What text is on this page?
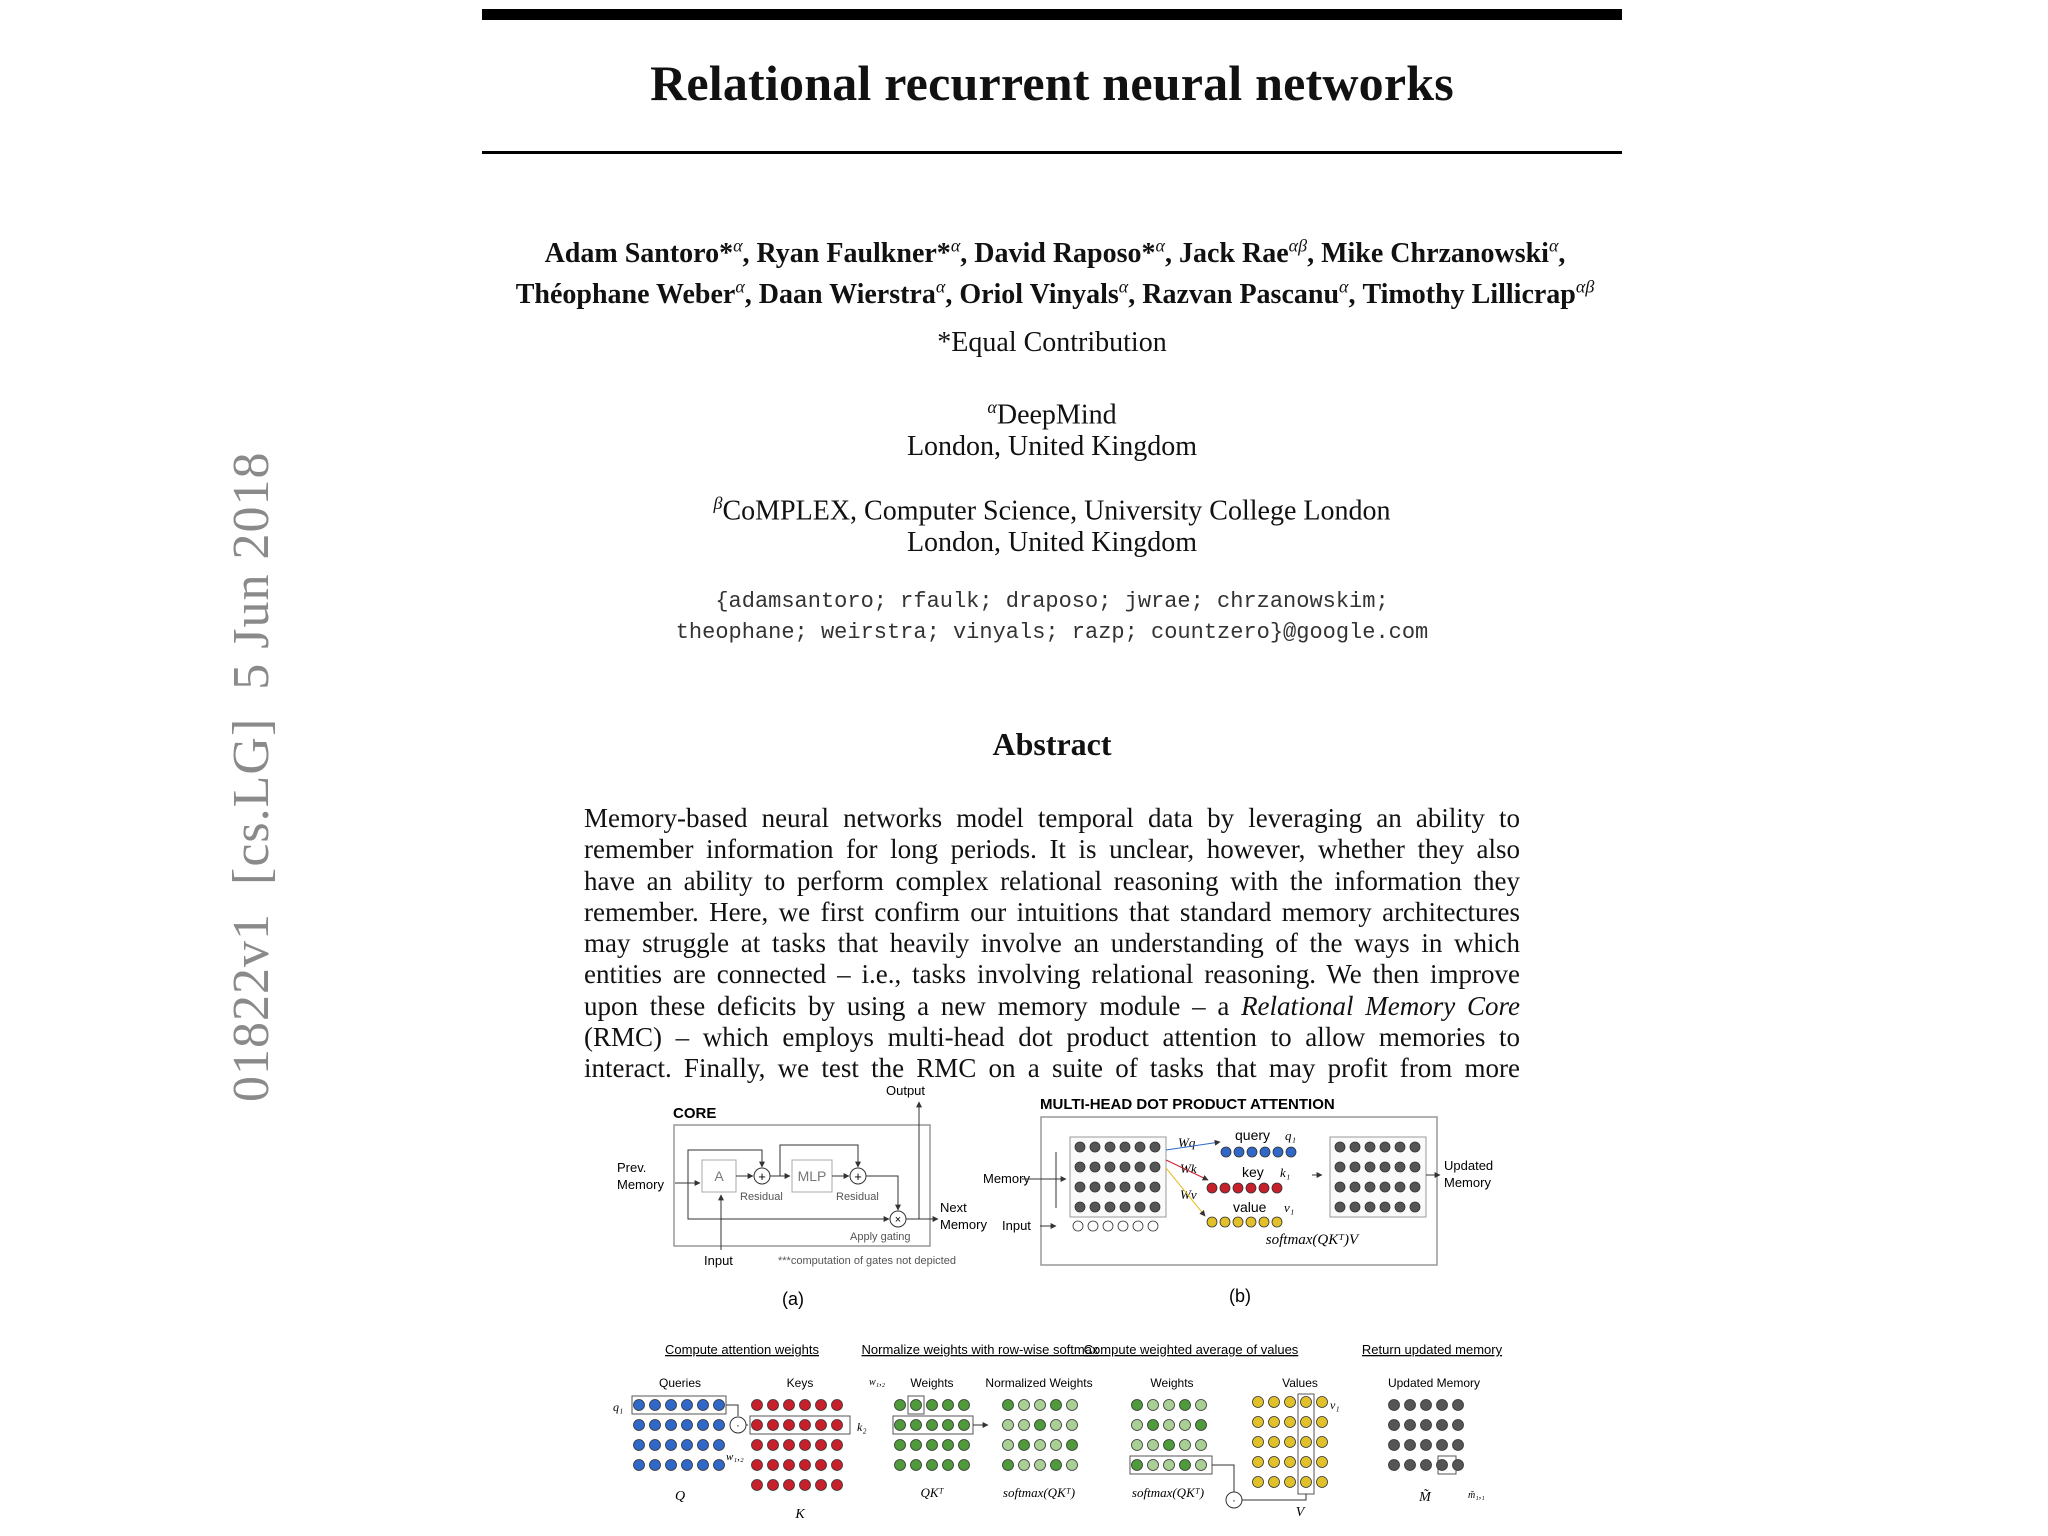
Relational recurrent neural networks
Adam Santoro*$^\alpha$, Ryan Faulkner*$^\alpha$, David Raposo*$^\alpha$, Jack Rae$^{\alpha\beta}$, Mike Chrzanowski$^\alpha$,
Théophane Weber$^\alpha$, Daan Wierstra$^\alpha$, Oriol Vinyals$^\alpha$, Razvan Pascanu$^\alpha$, Timothy Lillicrap$^{\alpha\beta}$
*Equal Contribution
$^\alpha$DeepMind
London, United Kingdom
$^\beta$CoMPLEX, Computer Science, University College London
London, United Kingdom
{adamsantoro; rfaulk; draposo; jwrae; chrzanowskim;
theophane; weirstra; vinyals; razp; countzero}@google.com
Abstract
Memory-based neural networks model temporal data by leveraging an ability to
remember information for long periods. It is unclear, however, whether they also
have an ability to perform complex relational reasoning with the information they
remember. Here, we first confirm our intuitions that standard memory architectures
may struggle at tasks that heavily involve an understanding of the ways in which
entities are connected – i.e., tasks involving relational reasoning. We then improve
upon these deficits by using a new memory module – a Relational Memory Core
(RMC) – which employs multi-head dot product attention to allow memories to
interact. Finally, we test the RMC on a suite of tasks that may profit from more
01822v1  [cs.LG]  5 Jun 2018
CORE
Output
Prev.
Memory
A	MLP
+	+
Residual	Residual
×
Apply gating
Next
Memory
Input	***computation of gates not depicted
(a)
MULTI-HEAD DOT PRODUCT ATTENTION
Memory
Input
Wq
Wk
Wv
query q₁
key k₁
value v₁
Updated
Memory
softmax(QKᵀ)V
(b)
Compute attention weights	Normalize weights with row-wise softmax
Compute weighted average of values	Return updated memory
Queries	Keys	Weights	Normalized Weights	Weights	Values	Updated Memory
q₁
k₂
w₁,₂
w₁,₂
v₁
·
·
Q
K
QKᵀ	softmax(QKᵀ)	softmax(QKᵀ)
V
M̃	m̃₁,₁
